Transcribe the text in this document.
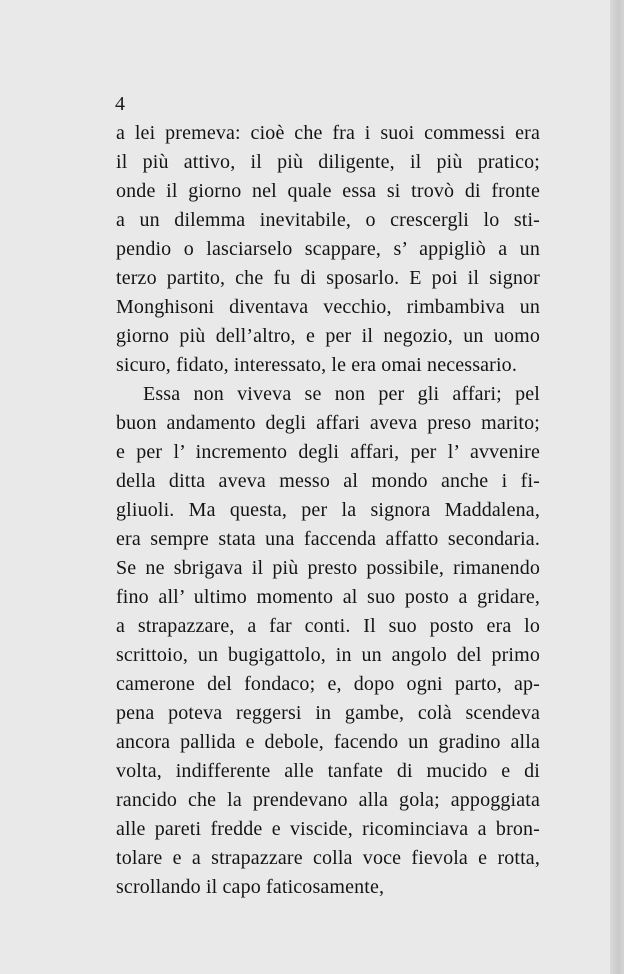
4
a lei premeva: cioè che fra i suoi commessi era
il più attivo, il più diligente, il più pratico;
onde il giorno nel quale essa si trovò di fronte
a un dilemma inevitabile, o crescergli lo sti-
pendio o lasciarselo scappare, s’ appigliò a un
terzo partito, che fu di sposarlo. E poi il signor
Monghisoni diventava vecchio, rimbambiva un
giorno più dell’altro, e per il negozio, un uomo
sicuro, fidato, interessato, le era omai necessario.
Essa non viveva se non per gli affari; pel
buon andamento degli affari aveva preso marito;
e per l’ incremento degli affari, per l’ avvenire
della ditta aveva messo al mondo anche i fi-
gliuoli. Ma questa, per la signora Maddalena,
era sempre stata una faccenda affatto secondaria.
Se ne sbrigava il più presto possibile, rimanendo
fino all’ ultimo momento al suo posto a gridare,
a strapazzare, a far conti. Il suo posto era lo
scrittoio, un bugigattolo, in un angolo del primo
camerone del fondaco; e, dopo ogni parto, ap-
pena poteva reggersi in gambe, colà scendeva
ancora pallida e debole, facendo un gradino alla
volta, indifferente alle tanfate di mucido e di
rancido che la prendevano alla gola; appoggiata
alle pareti fredde e viscide, ricominciava a bron-
tolare e a strapazzare colla voce fievola e rotta,
scrollando il capo faticosamente,
